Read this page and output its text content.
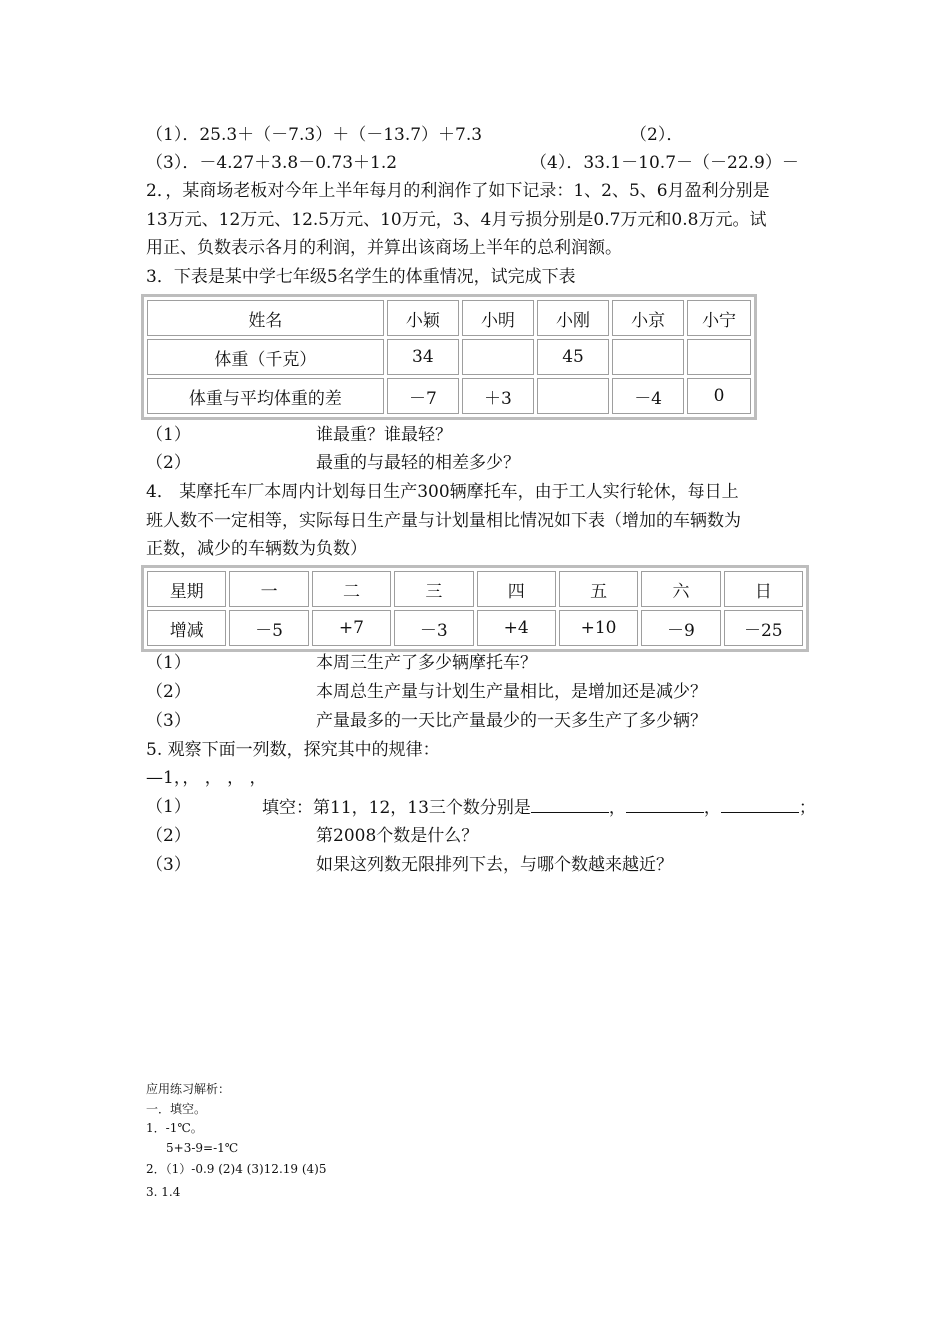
（1）．25.3＋（－7.3）＋（－13.7）＋7.3	（2）．
（3）．－4.27＋3.8－0.73＋1.2	（4）．33.1－10.7－（－22.9）－
2．，某商场老板对今年上半年每月的利润作了如下记录：1、2、5、6月盈利分别是
13万元、12万元、12.5万元、10万元，3、4月亏损分别是0.7万元和0.8万元。试
用正、负数表示各月的利润，并算出该商场上半年的总利润额。
3．下表是某中学七年级5名学生的体重情况，试完成下表
姓名	小颖	小明	小刚	小京	小宁
体重（千克）	34		45		
体重与平均体重的差	－7	＋3		－4	0
（1）	谁最重？谁最轻？
（2）	最重的与最轻的相差多少？
4． 某摩托车厂本周内计划每日生产300辆摩托车，由于工人实行轮休，每日上
班人数不一定相等，实际每日生产量与计划量相比情况如下表（增加的车辆数为
正数，减少的车辆数为负数）
星期	一	二	三	四	五	六	日
增减	－5	+7	－3	+4	+10	－9	－25
（1）	本周三生产了多少辆摩托车？
（2）	本周总生产量与计划生产量相比，是增加还是减少？
（3）	产量最多的一天比产量最少的一天多生产了多少辆？
5. 观察下面一列数，探究其中的规律：
—1，， ， ， ，
（1）	填空：第11，12，13三个数分别是	，	，	；
（2）	第2008个数是什么？
（3）	如果这列数无限排列下去，与哪个数越来越近？
应用练习解析：
一．填空。
1．-1℃。
5+3-9=-1℃
2．（1）-0.9 (2)4 (3)12.19 (4)5
3. 1.4
